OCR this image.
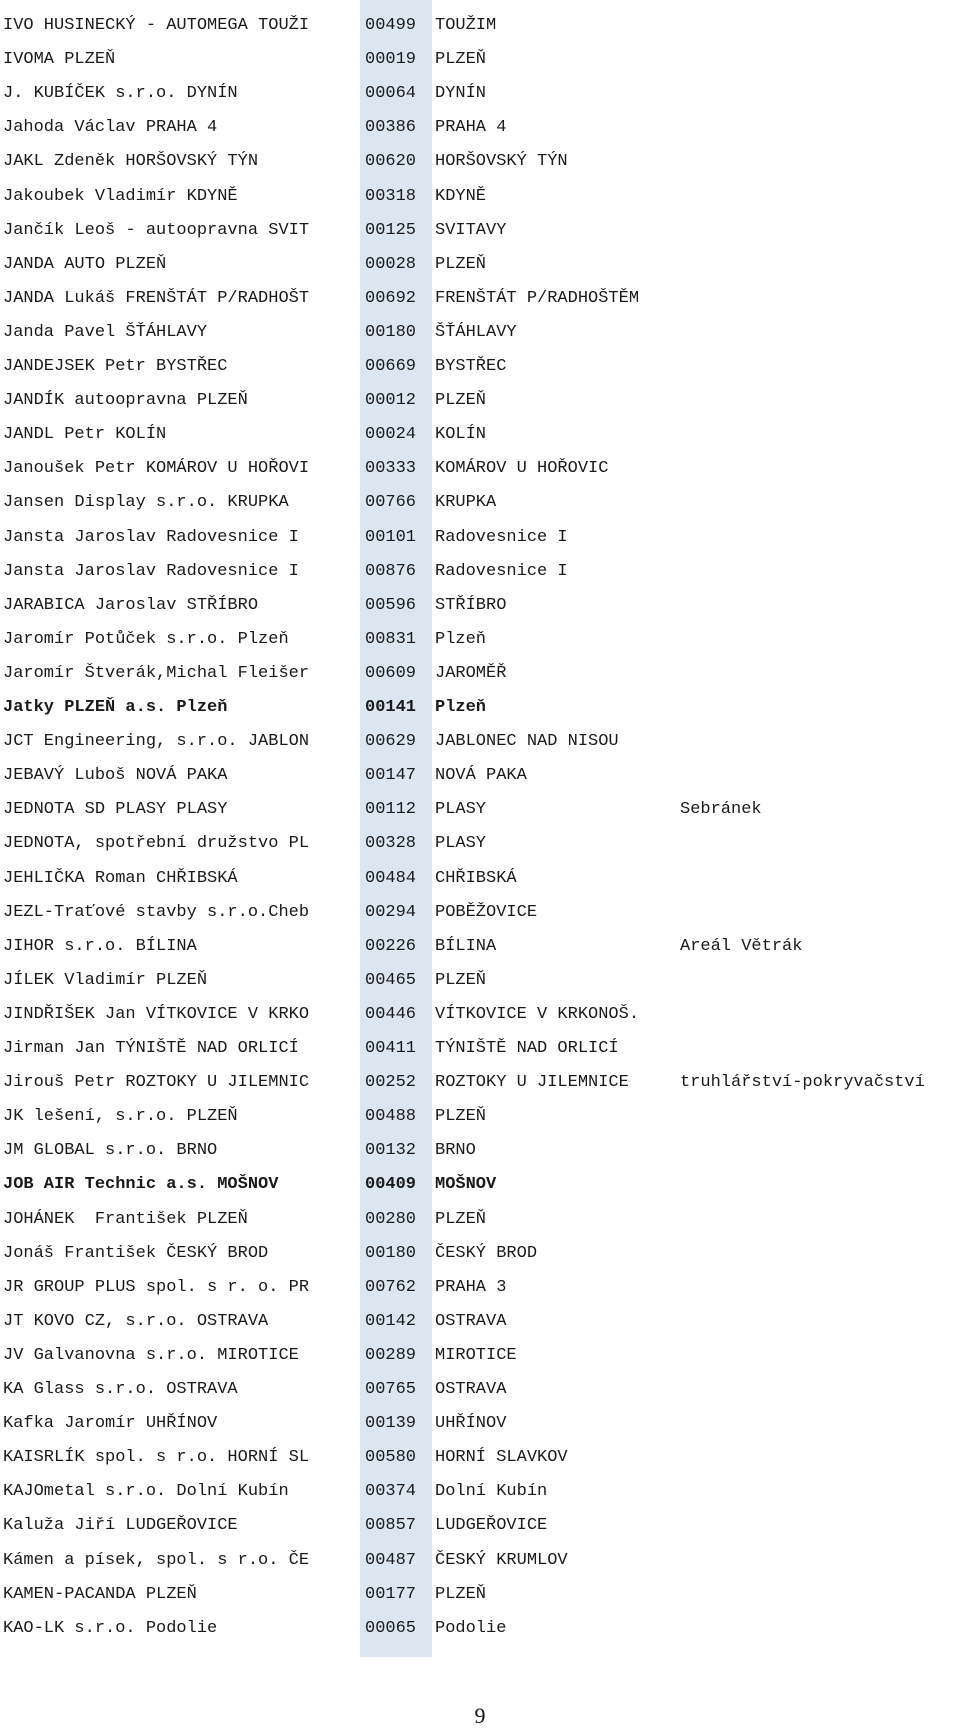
IVO HUSINECKÝ - AUTOMEGA TOUŽI	00499	TOUŽIM
IVOMA PLZEŇ	00019	PLZEŇ
J. KUBÍČEK s.r.o. DYNÍN	00064	DYNÍN
Jahoda Václav PRAHA 4	00386	PRAHA 4
JAKL Zdeněk HORŠOVSKÝ TÝN	00620	HORŠOVSKÝ TÝN
Jakoubek Vladimír KDYNĚ	00318	KDYNĚ
Jančík Leoš - autoopravna SVIT	00125	SVITAVY
JANDA AUTO PLZEŇ	00028	PLZEŇ
JANDA Lukáš FRENŠTÁT P/RADHOŠT	00692	FRENŠTÁT P/RADHOŠTĚM
Janda Pavel ŠŤÁHLAVY	00180	ŠŤÁHLAVY
JANDEJSEK Petr BYSTŘEC	00669	BYSTŘEC
JANDÍK autoopravna PLZEŇ	00012	PLZEŇ
JANDL Petr KOLÍN	00024	KOLÍN
Janoušek Petr KOMÁROV U HOŘOVI	00333	KOMÁROV U HOŘOVIC
Jansen Display s.r.o. KRUPKA	00766	KRUPKA
Jansta Jaroslav Radovesnice I	00101	Radovesnice I
Jansta Jaroslav Radovesnice I	00876	Radovesnice I
JARABICA Jaroslav STŘÍBRO	00596	STŘÍBRO
Jaromír Potůček s.r.o. Plzeň	00831	Plzeň
Jaromír Štverák,Michal Fleišer	00609	JAROMĚŘ
Jatky PLZEŇ a.s. Plzeň	00141	Plzeň
JCT Engineering, s.r.o. JABLON	00629	JABLONEC NAD NISOU
JEBAVÝ Luboš NOVÁ PAKA	00147	NOVÁ PAKA
JEDNOTA SD PLASY PLASY	00112	PLASY	Sebránek
JEDNOTA, spotřební družstvo PL	00328	PLASY
JEHLIČKA Roman CHŘIBSKÁ	00484	CHŘIBSKÁ
JEZL-Traťové stavby s.r.o.Cheb	00294	POBĚŽOVICE
JIHOR s.r.o. BÍLINA	00226	BÍLINA	Areál Větrák
JÍLEK Vladimír PLZEŇ	00465	PLZEŇ
JINDŘIŠEK Jan VÍTKOVICE V KRKO	00446	VÍTKOVICE V KRKONOŠ.
Jirman Jan TÝNIŠTĚ NAD ORLICÍ	00411	TÝNIŠTĚ NAD ORLICÍ
Jirouš Petr ROZTOKY U JILEMNIC	00252	ROZTOKY U JILEMNICE	truhlářství-pokryvačství
JK lešení, s.r.o. PLZEŇ	00488	PLZEŇ
JM GLOBAL s.r.o. BRNO	00132	BRNO
JOB AIR Technic a.s. MOŠNOV	00409	MOŠNOV
JOHÁNEK  František PLZEŇ	00280	PLZEŇ
Jonáš František ČESKÝ BROD	00180	ČESKÝ BROD
JR GROUP PLUS spol. s r. o. PR	00762	PRAHA 3
JT KOVO CZ, s.r.o. OSTRAVA	00142	OSTRAVA
JV Galvanovna s.r.o. MIROTICE	00289	MIROTICE
KA Glass s.r.o. OSTRAVA	00765	OSTRAVA
Kafka Jaromír UHŘÍNOV	00139	UHŘÍNOV
KAISRLÍK spol. s r.o. HORNÍ SL	00580	HORNÍ SLAVKOV
KAJOmetal s.r.o. Dolní Kubín	00374	Dolní Kubín
Kaluža Jiří LUDGEŘOVICE	00857	LUDGEŘOVICE
Kámen a písek, spol. s r.o. ČE	00487	ČESKÝ KRUMLOV
KAMEN-PACANDA PLZEŇ	00177	PLZEŇ
KAO-LK s.r.o. Podolie	00065	Podolie
9
